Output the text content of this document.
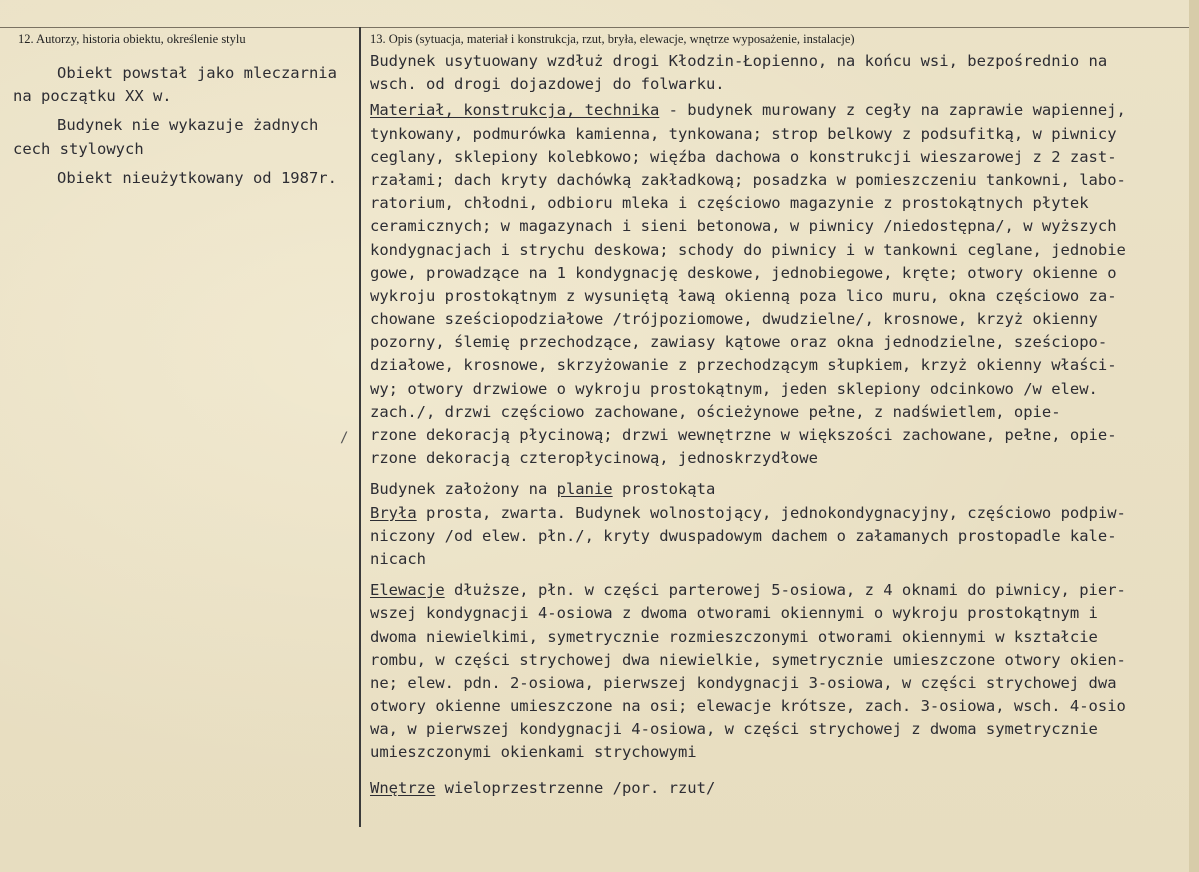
12. Autorzy, historia obiektu, określenie stylu	13. Opis (sytuacja, materiał i konstrukcja, rzut, bryła, elewacje, wnętrze wyposażenie, instalacje)
Obiekt powstał jako mleczarnia
na początku XX w.
Budynek nie wykazuje żadnych
cech stylowych
Obiekt nieużytkowany od 1987r.
Budynek usytuowany wzdłuż drogi Kłodzin-Łopienno, na końcu wsi, bezpośrednio na
wsch. od drogi dojazdowej do folwarku.
Materiał, konstrukcja, technika - budynek murowany z cegły na zaprawie wapiennej,
tynkowany, podmurówka kamienna, tynkowana; strop belkowy z podsufitką, w piwnicy
ceglany, sklepiony kolebkowo; więźba dachowa o konstrukcji wieszarowej z 2 zast-
rzałami; dach kryty dachówką zakładkową; posadzka w pomieszczeniu tankowni, labo-
ratorium, chłodni, odbioru mleka i częściowo magazynie z prostokątnych płytek
ceramicznych; w magazynach i sieni betonowa, w piwnicy /niedostępna/, w wyższych
kondygnacjach i strychu deskowa; schody do piwnicy i w tankowni ceglane, jednobie
gowe, prowadzące na 1 kondygnację deskowe, jednobiegowe, kręte; otwory okienne o
wykroju prostokątnym z wysuniętą ławą okienną poza lico muru, okna częściowo za-
chowane sześciopodziałowe /trójpoziomowe, dwudzielne/, krosnowe, krzyż okienny
pozorny, ślemię przechodzące, zawiasy kątowe oraz okna jednodzielne, sześciopo-
działowe, krosnowe, skrzyżowanie z przechodzącym słupkiem, krzyż okienny właści-
wy; otwory drzwiowe o wykroju prostokątnym, jeden sklepiony odcinkowo /w elew.
zach./, drzwi częściowo zachowane, ościeżynowe pełne, z nadświetlem, opie-
rzone dekoracją płycinową; drzwi wewnętrzne w większości zachowane, pełne, opie-
rzone dekoracją czteropłycinową, jednoskrzydłowe
Budynek założony na planie prostokąta
Bryła prosta, zwarta. Budynek wolnostojący, jednokondygnacyjny, częściowo podpiw-
niczony /od elew. płn./, kryty dwuspadowym dachem o załamanych prostopadle kale-
nicach
Elewacje dłuższe, płn. w części parterowej 5-osiowa, z 4 oknami do piwnicy, pier-
wszej kondygnacji 4-osiowa z dwoma otworami okiennymi o wykroju prostokątnym i
dwoma niewielkimi, symetrycznie rozmieszczonymi otworami okiennymi w kształcie
rombu, w części strychowej dwa niewielkie, symetrycznie umieszczone otwory okien-
ne; elew. pdn. 2-osiowa, pierwszej kondygnacji 3-osiowa, w części strychowej dwa
otwory okienne umieszczone na osi; elewacje krótsze, zach. 3-osiowa, wsch. 4-osio
wa, w pierwszej kondygnacji 4-osiowa, w części strychowej z dwoma symetrycznie
umieszczonymi okienkami strychowymi
Wnętrze wieloprzestrzenne /por. rzut/
/
